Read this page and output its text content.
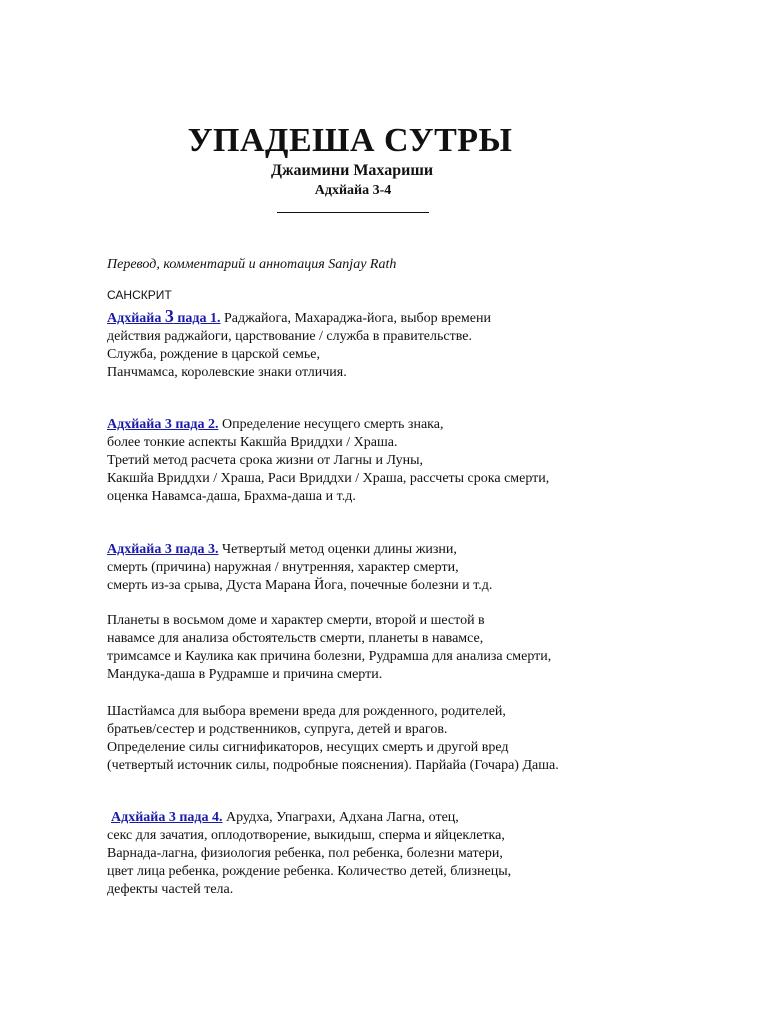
УПАДЕША СУТРЫ
Джаимини Махариши
Адхйайа 3-4
Перевод, комментарий и аннотация Sanjay Rath
САНСКРИТ
Адхйайа 3 пада 1. Раджайога, Махараджа-йога, выбор времени
действия раджайоги, царствование / служба в правительстве.
Служба, рождение в царской семье,
Панчмамса, королевские знаки отличия.
Адхйайа 3 пада 2. Определение несущего смерть знака,
более тонкие аспекты Какшйа Вриддхи / Храша.
Третий метод расчета срока жизни от Лагны и Луны,
Какшйа Вриддхи / Храша, Раси Вриддхи / Храша, рассчеты срока смерти,
оценка Навамса-даша, Брахма-даша и т.д.
Адхйайа 3 пада 3. Четвертый метод оценки длины жизни,
смерть (причина) наружная / внутренняя, характер смерти,
смерть из-за срыва, Дуста Марана Йога, почечные болезни и т.д.
Планеты в восьмом доме и характер смерти, второй и шестой в
навамсе для анализа обстоятельств смерти, планеты в навамсе,
тримсамсе и Каулика как причина болезни, Рудрамша для анализа смерти,
Мандука-даша в Рудрамше и причина смерти.
Шастйамса для выбора времени вреда для рожденного, родителей,
братьев/сестер и родственников, супруга, детей и врагов.
Определение силы сигнификаторов, несущих смерть и другой вред
(четвертый источник силы, подробные пояснения). Парйайа (Гочара) Даша.
Адхйайа 3 пада 4. Арудха, Упаграхи, Адхана Лагна, отец,
секс для зачатия, оплодотворение, выкидыш, сперма и яйцеклетка,
Варнада-лагна, физиология ребенка, пол ребенка, болезни матери,
цвет лица ребенка, рождение ребенка. Количество детей, близнецы,
дефекты частей тела.
